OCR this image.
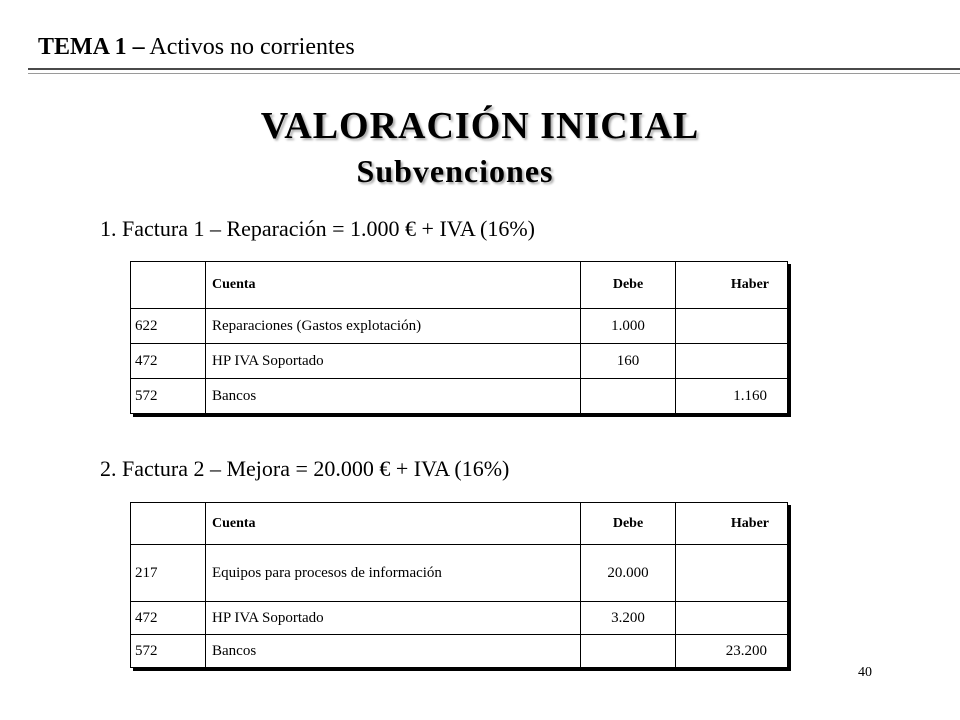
TEMA 1 – Activos no corrientes
VALORACIÓN INICIAL
Subvenciones
1. Factura 1 – Reparación = 1.000 € + IVA (16%)
	Cuenta	Debe	Haber
622	Reparaciones (Gastos explotación)	1.000	
472	HP IVA Soportado	160	
572	Bancos		1.160
2. Factura 2 – Mejora = 20.000 € + IVA (16%)
	Cuenta	Debe	Haber
217	Equipos para procesos de información	20.000	
472	HP IVA Soportado	3.200	
572	Bancos		23.200
40
